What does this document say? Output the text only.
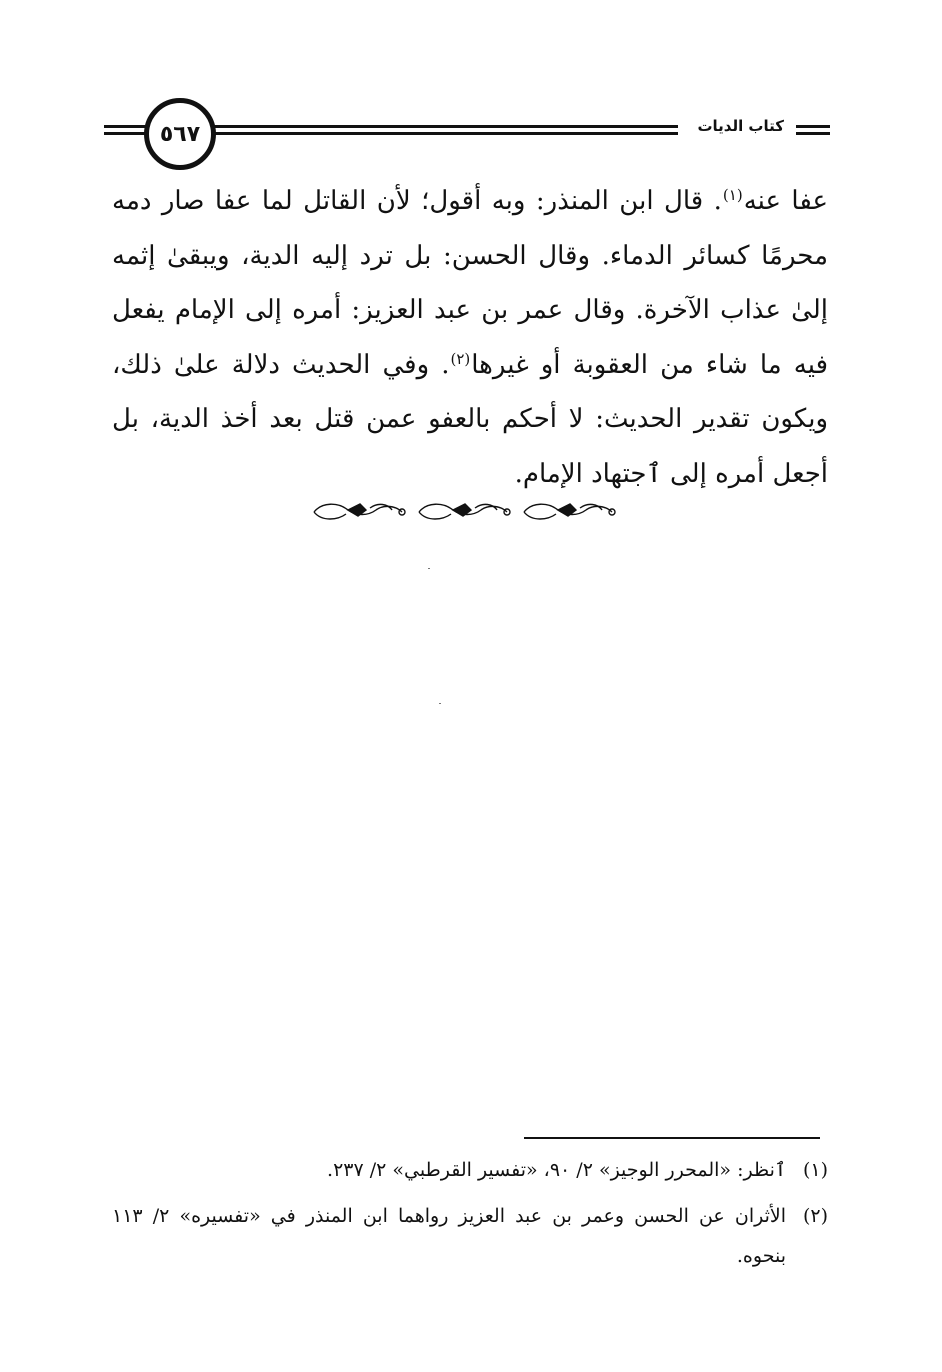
كتاب الديات
٥٦٧

عفا عنه$^{(١)}$. قال ابن المنذر: وبه أقول؛ لأن القاتل لما عفا صار دمه محرمًا كسائر الدماء. وقال الحسن: بل ترد إليه الدية، ويبقىٰ إثمه إلىٰ عذاب الآخرة. وقال عمر بن عبد العزيز: أمره إلى الإمام يفعل فيه ما شاء من العقوبة أو غيرها$^{(٢)}$. وفي الحديث دلالة علىٰ ذلك، ويكون تقدير الحديث: لا أحكم بالعفو عمن قتل بعد أخذ الدية، بل أجعل أمره إلى ٱجتهاد الإمام.

(١)
ٱنظر: «المحرر الوجيز» ٢/ ٩٠، «تفسير القرطبي» ٢/ ٢٣٧.
(٢)
الأثران عن الحسن وعمر بن عبد العزيز رواهما ابن المنذر في «تفسيره» ٢/ ١١٣ بنحوه.
